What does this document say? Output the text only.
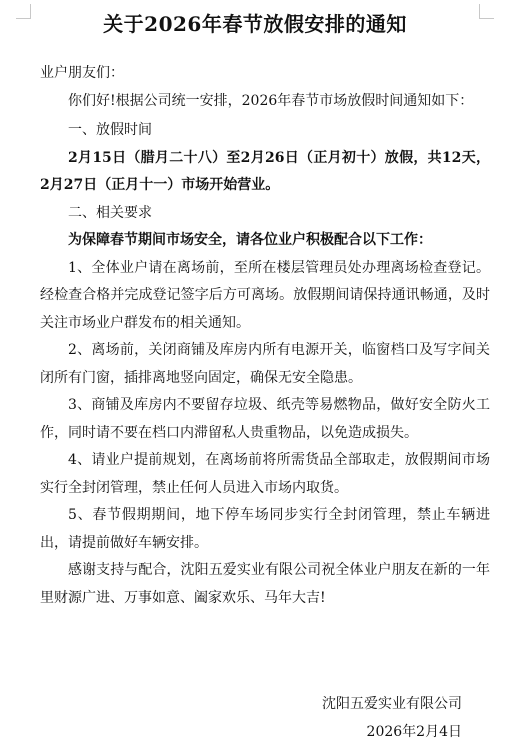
关于2026年春节放假安排的通知

业户朋友们：

你们好!根据公司统一安排，2026年春节市场放假时间通知如下：

一、放假时间

2月15日（腊月二十八）至2月26日（正月初十）放假，共12天，2月27日（正月十一）市场开始营业。

二、相关要求

为保障春节期间市场安全，请各位业户积极配合以下工作：

1、全体业户请在离场前，至所在楼层管理员处办理离场检查登记。经检查合格并完成登记签字后方可离场。放假期间请保持通讯畅通，及时关注市场业户群发布的相关通知。

2、离场前，关闭商铺及库房内所有电源开关，临窗档口及写字间关闭所有门窗，插排离地竖向固定，确保无安全隐患。

3、商铺及库房内不要留存垃圾、纸壳等易燃物品，做好安全防火工作，同时请不要在档口内滞留私人贵重物品，以免造成损失。

4、请业户提前规划，在离场前将所需货品全部取走，放假期间市场实行全封闭管理，禁止任何人员进入市场内取货。

5、春节假期期间，地下停车场同步实行全封闭管理，禁止车辆进出，请提前做好车辆安排。

感谢支持与配合，沈阳五爱实业有限公司祝全体业户朋友在新的一年里财源广进、万事如意、阖家欢乐、马年大吉!

沈阳五爱实业有限公司

2026年2月4日
